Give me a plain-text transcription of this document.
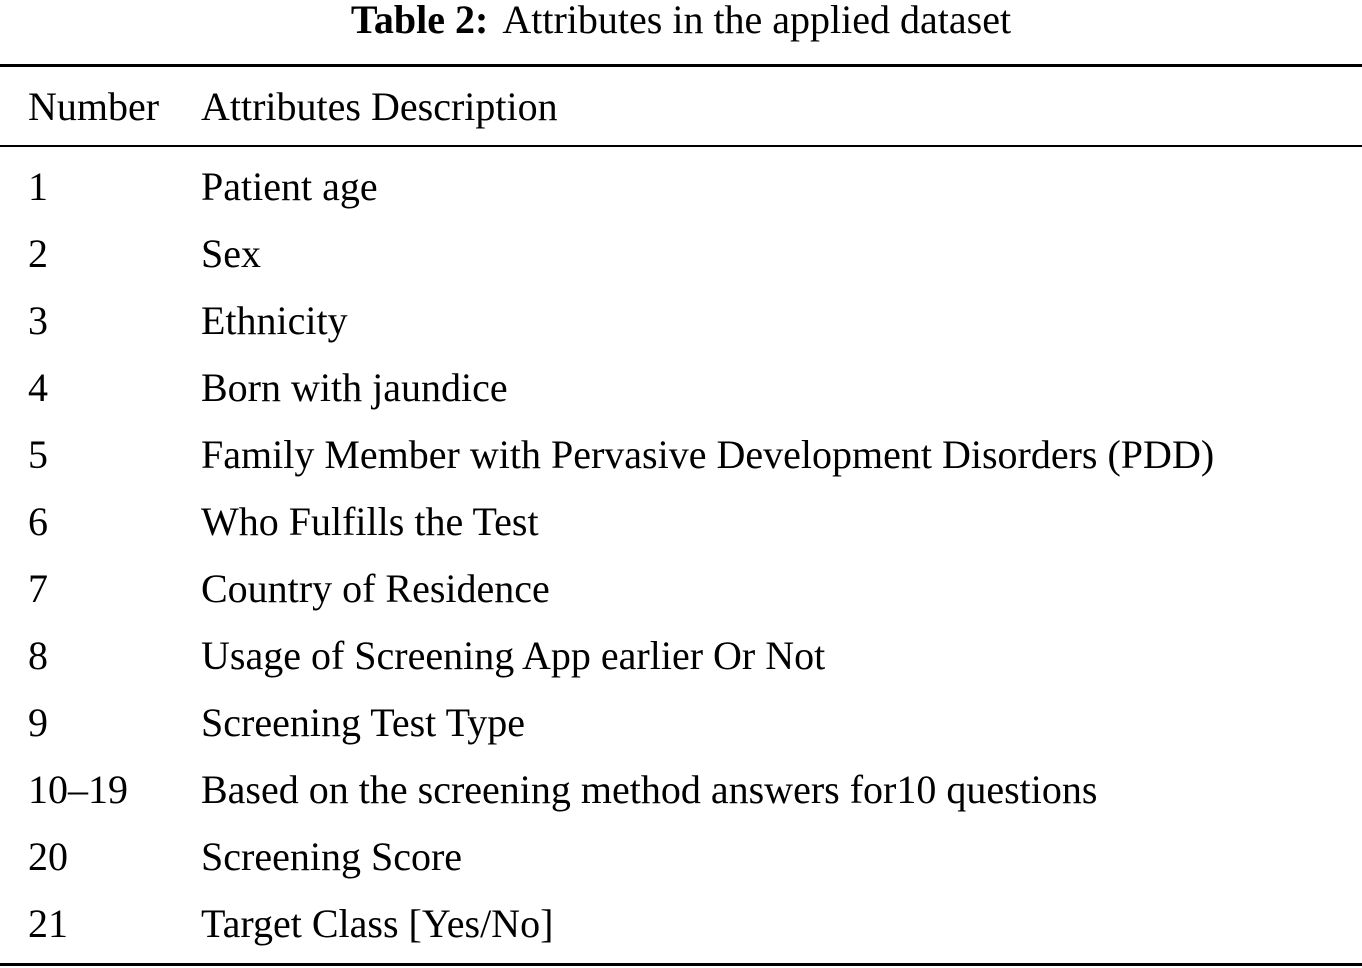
Table 2: Attributes in the applied dataset
Number Attributes Description
1	Patient age
2	Sex
3	Ethnicity
4	Born with jaundice
5	Family Member with Pervasive Development Disorders (PDD)
6	Who Fulfills the Test
7	Country of Residence
8	Usage of Screening App earlier Or Not
9	Screening Test Type
10–19 Based on the screening method answers for10 questions
20	Screening Score
21	Target Class [Yes/No]
